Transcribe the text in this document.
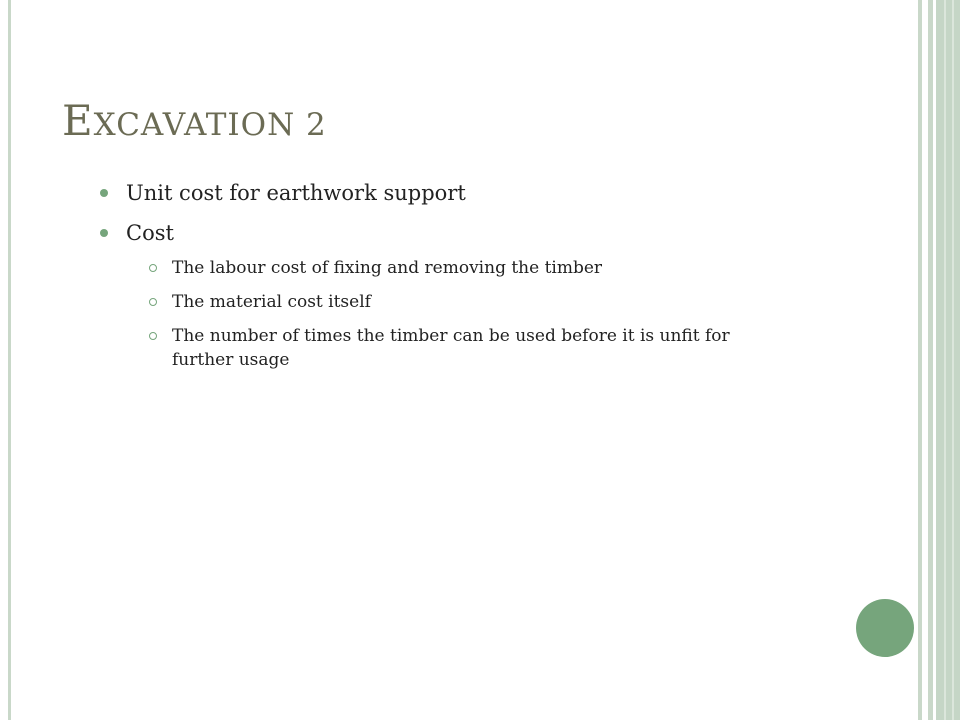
EXCAVATION 2
Unit cost for earthwork support
Cost
The labour cost of fixing and removing the timber
The material cost itself
The number of times the timber can be used before it is unfit for further usage
